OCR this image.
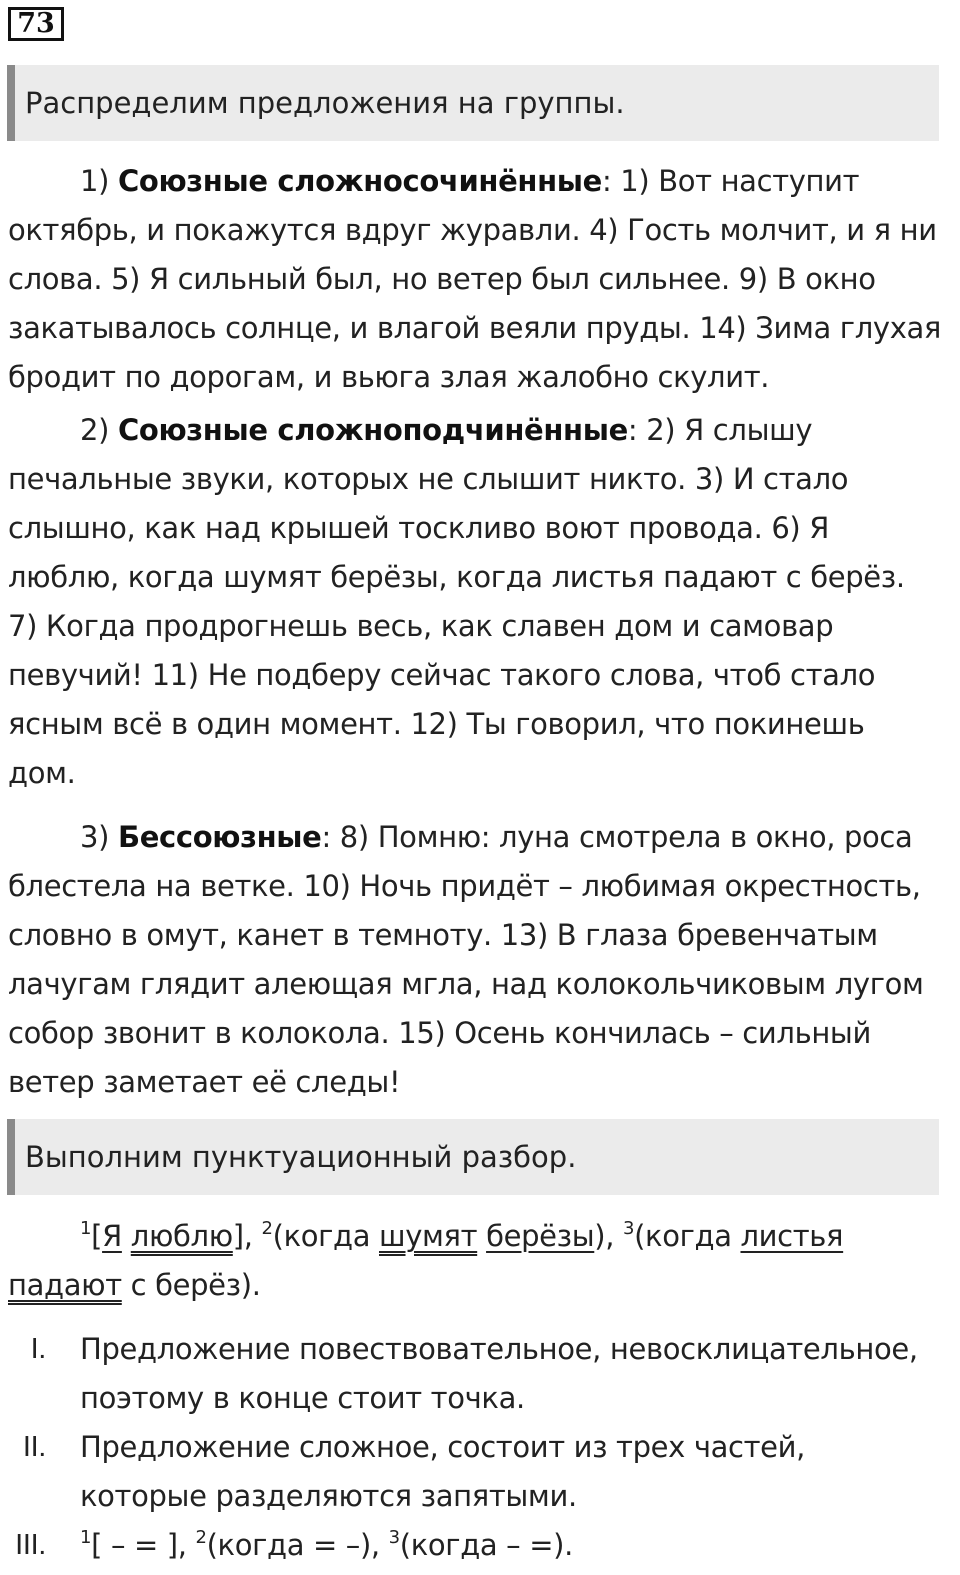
73
Распределим предложения на группы.
1) Союзные сложносочинённые: 1) Вот наступит
октябрь, и покажутся вдруг журавли. 4) Гость молчит, и я ни
слова. 5) Я сильный был, но ветер был сильнее. 9) В окно
закатывалось солнце, и влагой веяли пруды. 14) Зима глухая
бродит по дорогам, и вьюга злая жалобно скулит.
2) Союзные сложноподчинённые: 2) Я слышу
печальные звуки, которых не слышит никто. 3) И стало
слышно, как над крышей тоскливо воют провода. 6) Я
люблю, когда шумят берёзы, когда листья падают с берёз.
7) Когда продрогнешь весь, как славен дом и самовар
певучий! 11) Не подберу сейчас такого слова, чтоб стало
ясным всё в один момент. 12) Ты говорил, что покинешь
дом.
3) Бессоюзные: 8) Помню: луна смотрела в окно, роса
блестела на ветке. 10) Ночь придёт – любимая окрестность,
словно в омут, канет в темноту. 13) В глаза бревенчатым
лачугам глядит алеющая мгла, над колокольчиковым лугом
собор звонит в колокола. 15) Осень кончилась – сильный
ветер заметает её следы!
Выполним пунктуационный разбор.
$^1$[Я люблю], $^2$(когда шумят берёзы), $^3$(когда листья
падают с берёз).
I. Предложение повествовательное, невосклицательное,
поэтому в конце стоит точка.
II. Предложение сложное, состоит из трех частей,
которые разделяются запятыми.
III. $^1$[ – = ], $^2$(когда = –), $^3$(когда – =).
